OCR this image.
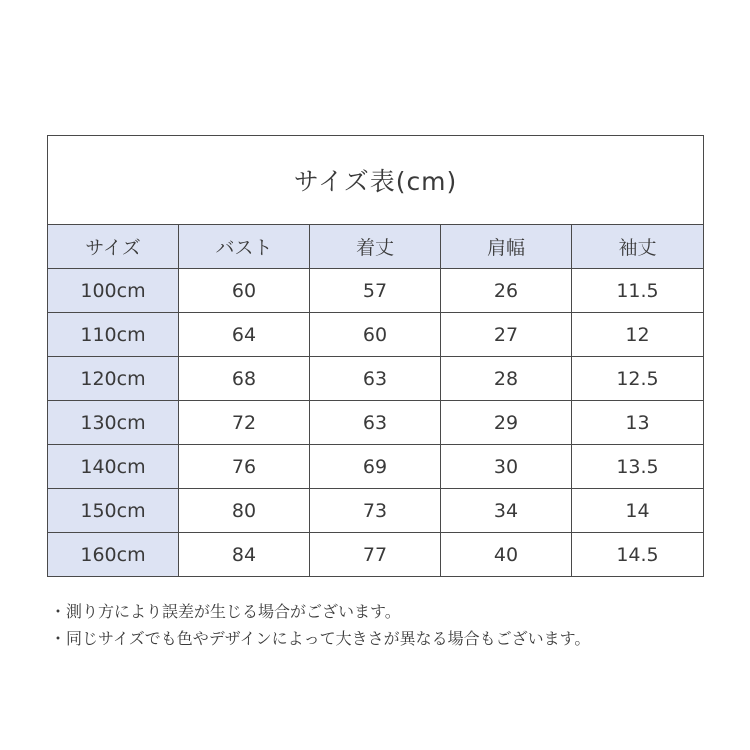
サイズ表(cm)				
サイズ	バスト	着丈	肩幅	袖丈
100cm	60	57	26	11.5
110cm	64	60	27	12
120cm	68	63	28	12.5
130cm	72	63	29	13
140cm	76	69	30	13.5
150cm	80	73	34	14
160cm	84	77	40	14.5
・測り方により誤差が生じる場合がございます。
・同じサイズでも色やデザインによって大きさが異なる場合もございます。
